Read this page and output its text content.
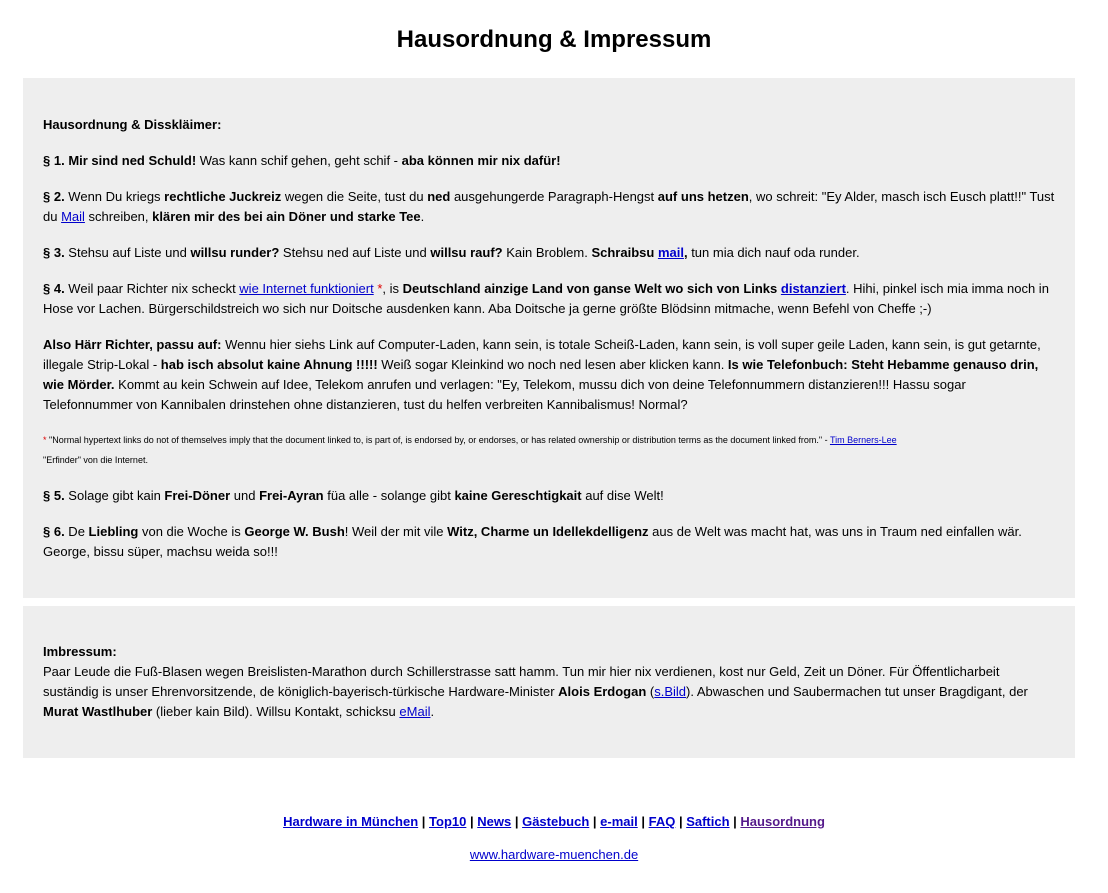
Hausordnung & Impressum

Hausordnung & Disskläimer:

§ 1. Mir sind ned Schuld! Was kann schif gehen, geht schif - aba können mir nix dafür!

§ 2. Wenn Du kriegs rechtliche Juckreiz wegen die Seite, tust du ned ausgehungerde Paragraph-Hengst auf uns hetzen, wo schreit: "Ey Alder, masch isch Eusch platt!!" Tust du Mail schreiben, klären mir des bei ain Döner und starke Tee.

§ 3. Stehsu auf Liste und willsu runder? Stehsu ned auf Liste und willsu rauf? Kain Broblem. Schraibsu mail, tun mia dich nauf oda runder.

§ 4. Weil paar Richter nix scheckt wie Internet funktioniert *, is Deutschland ainzige Land von ganse Welt wo sich von Links distanziert. Hihi, pinkel isch mia imma noch in Hose vor Lachen. Bürgerschildstreich wo sich nur Doitsche ausdenken kann. Aba Doitsche ja gerne größte Blödsinn mitmache, wenn Befehl von Cheffe ;-)

Also Härr Richter, passu auf: Wennu hier siehs Link auf Computer-Laden, kann sein, is totale Scheiß-Laden, kann sein, is voll super geile Laden, kann sein, is gut getarnte, illegale Strip-Lokal - hab isch absolut kaine Ahnung !!!!! Weiß sogar Kleinkind wo noch ned lesen aber klicken kann. Is wie Telefonbuch: Steht Hebamme genauso drin, wie Mörder. Kommt au kein Schwein auf Idee, Telekom anrufen und verlagen: "Ey, Telekom, mussu dich von deine Telefonnummern distanzieren!!! Hassu sogar Telefonnummer von Kannibalen drinstehen ohne distanzieren, tust du helfen verbreiten Kannibalismus! Normal?

* "Normal hypertext links do not of themselves imply that the document linked to, is part of, is endorsed by, or endorses, or has related ownership or distribution terms as the document linked from." - Tim Berners-Lee
"Erfinder" von die Internet.

§ 5. Solage gibt kain Frei-Döner und Frei-Ayran füa alle - solange gibt kaine Gereschtigkait auf dise Welt!

§ 6. De Liebling von die Woche is George W. Bush! Weil der mit vile Witz, Charme un Idellekdelligenz aus de Welt was macht hat, was uns in Traum ned einfallen wär. George, bissu süper, machsu weida so!!!

Imbressum:
Paar Leude die Fuß-Blasen wegen Breislisten-Marathon durch Schillerstrasse satt hamm. Tun mir hier nix verdienen, kost nur Geld, Zeit un Döner. Für Öffentlicharbeit suständig is unser Ehrenvorsitzende, de königlich-bayerisch-türkische Hardware-Minister Alois Erdogan (s.Bild). Abwaschen und Saubermachen tut unser Bragdigant, der Murat Wastlhuber (lieber kain Bild). Willsu Kontakt, schicksu eMail.

Hardware in München | Top10 | News | Gästebuch | e-mail | FAQ | Saftich | Hausordnung
www.hardware-muenchen.de
